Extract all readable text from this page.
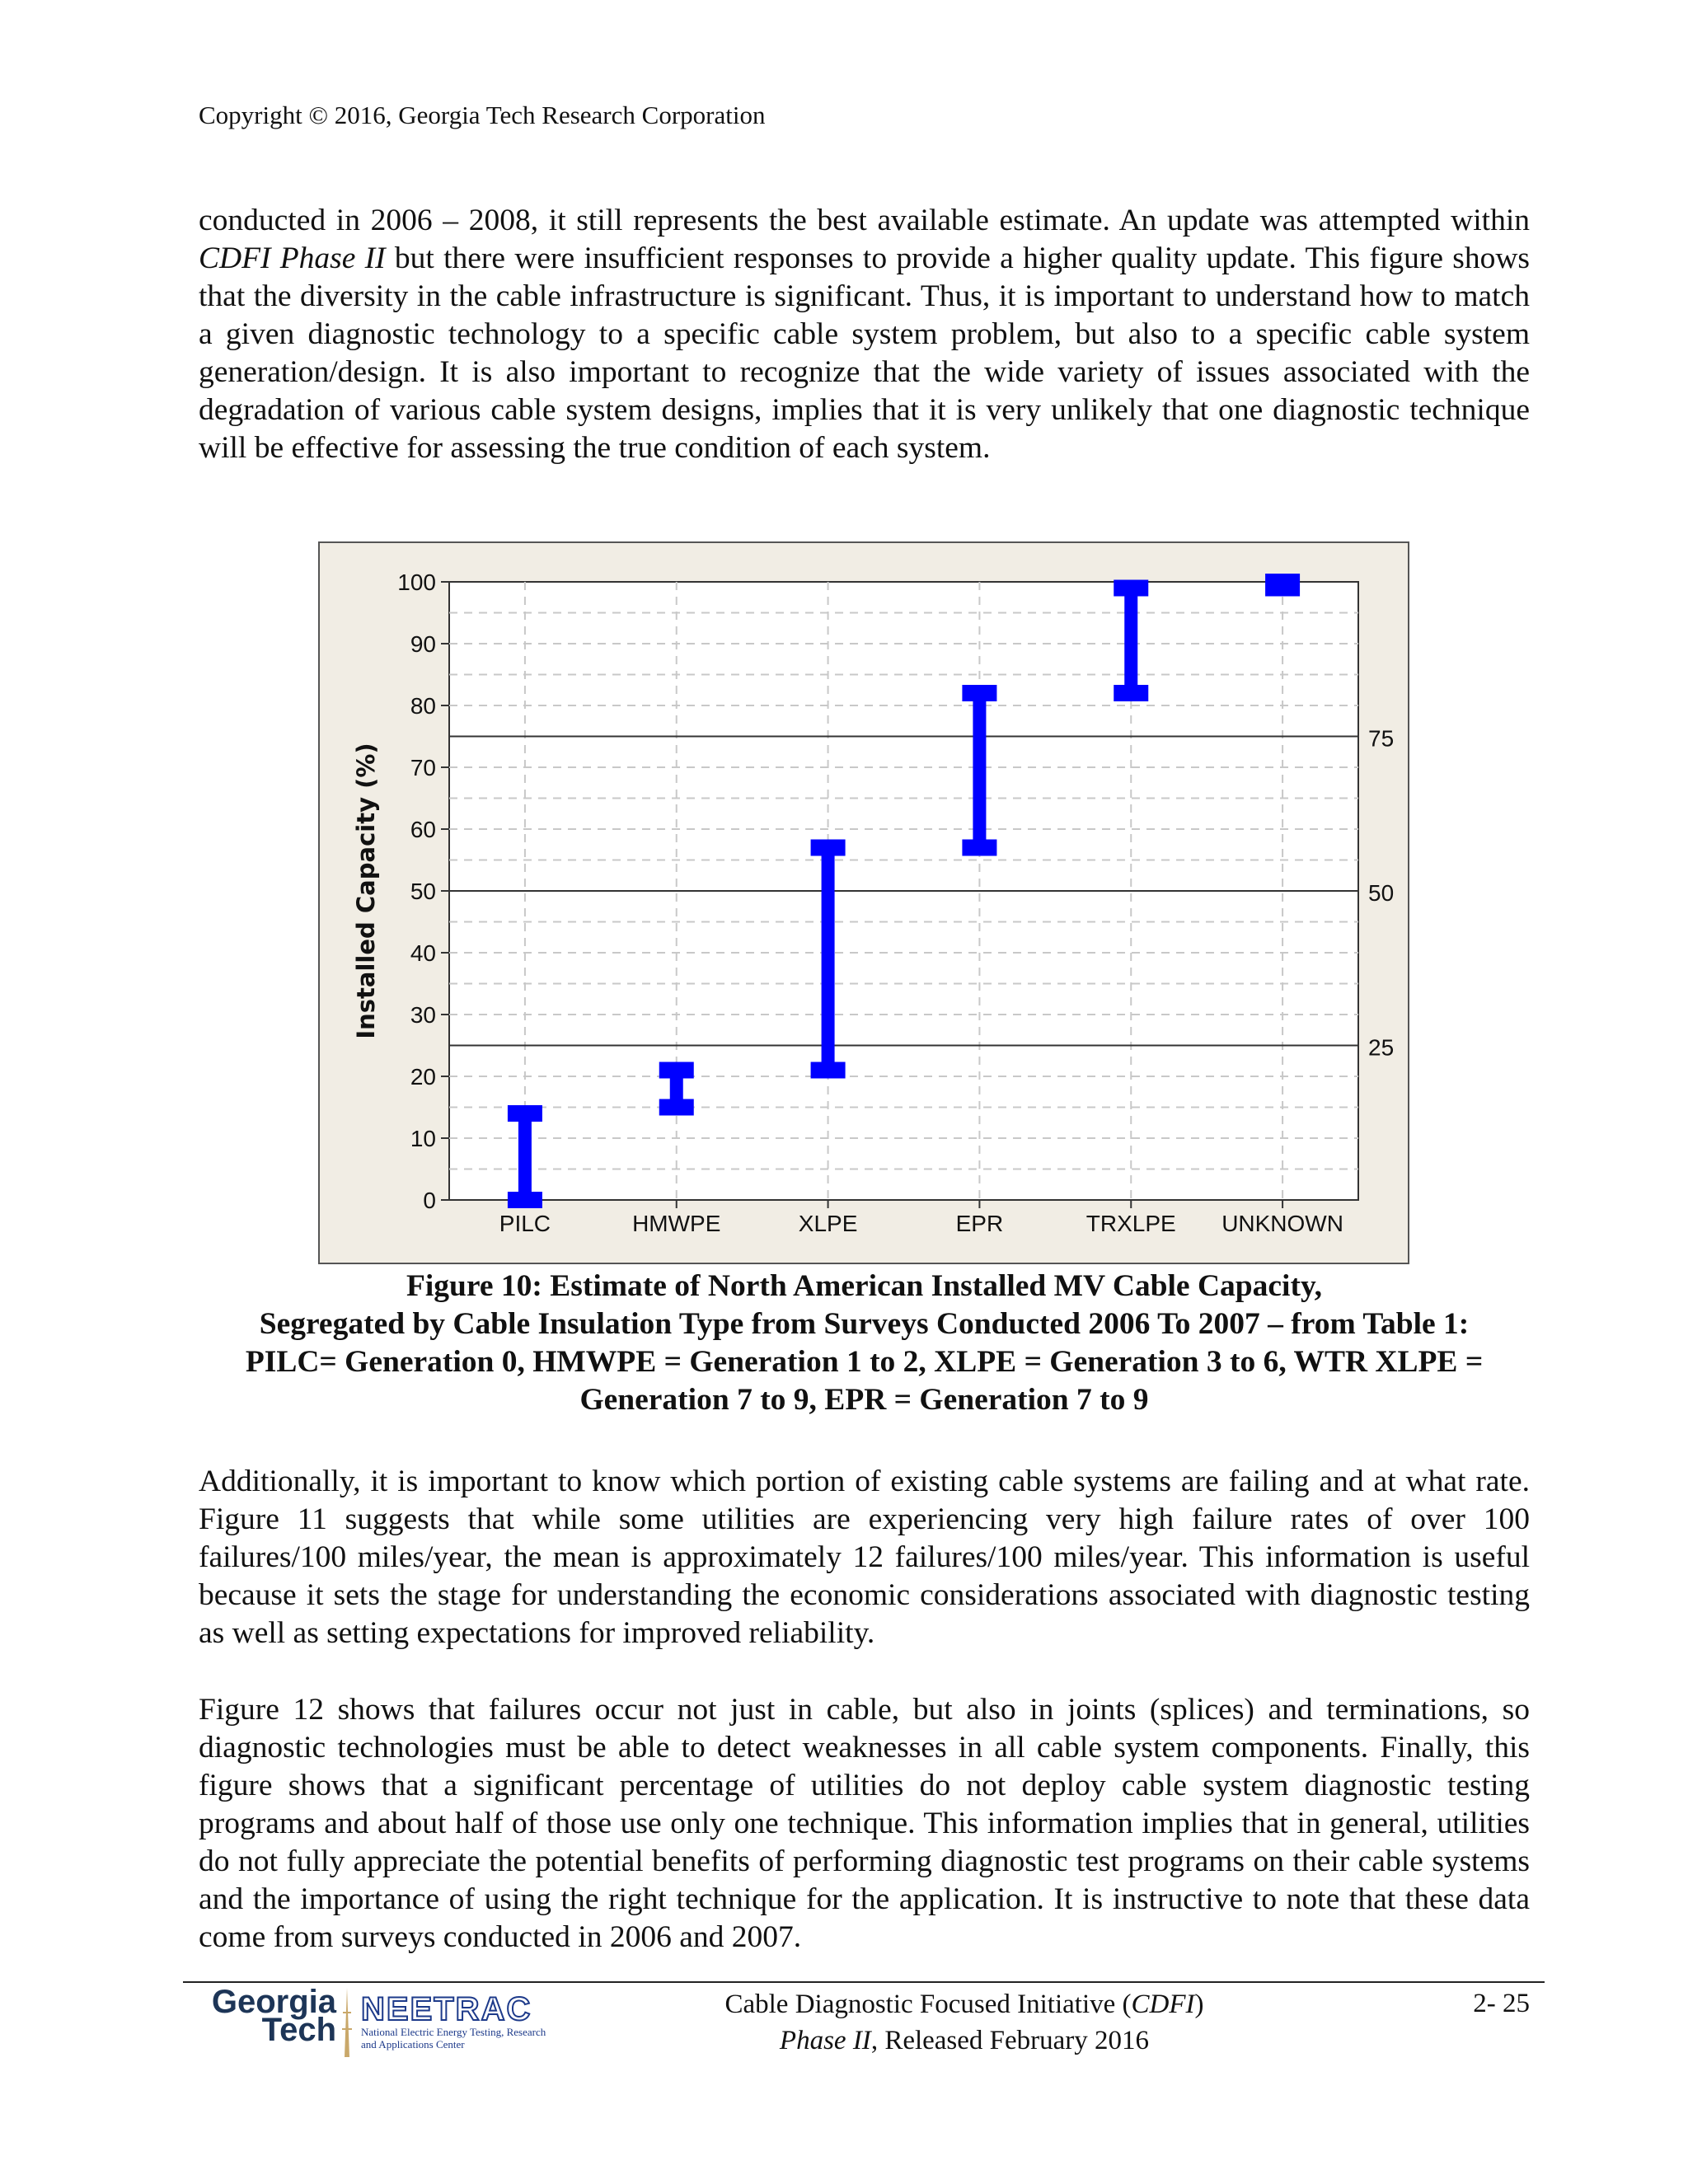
Copyright © 2016, Georgia Tech Research Corporation

conducted in 2006 – 2008, it still represents the best available estimate. An update was attempted within CDFI Phase II but there were insufficient responses to provide a higher quality update. This figure shows that the diversity in the cable infrastructure is significant. Thus, it is important to understand how to match a given diagnostic technology to a specific cable system problem, but also to a specific cable system generation/design. It is also important to recognize that the wide variety of issues associated with the degradation of various cable system designs, implies that it is very unlikely that one diagnostic technique will be effective for assessing the true condition of each system.

25
50
75
0
10
20
30
40
50
60
70
80
90
100
PILC	HMWPE	XLPE	EPR	TRXLPE UNKNOWN
Installed Capacity (%)
Figure 10: Estimate of North American Installed MV Cable Capacity,
Segregated by Cable Insulation Type from Surveys Conducted 2006 To 2007 – from Table 1:
PILC= Generation 0, HMWPE = Generation 1 to 2, XLPE = Generation 3 to 6, WTR XLPE =
Generation 7 to 9, EPR = Generation 7 to 9

Additionally, it is important to know which portion of existing cable systems are failing and at what rate. Figure 11 suggests that while some utilities are experiencing very high failure rates of over 100 failures/100 miles/year, the mean is approximately 12 failures/100 miles/year. This information is useful because it sets the stage for understanding the economic considerations associated with diagnostic testing as well as setting expectations for improved reliability.

Figure 12 shows that failures occur not just in cable, but also in joints (splices) and terminations, so diagnostic technologies must be able to detect weaknesses in all cable system components. Finally, this figure shows that a significant percentage of utilities do not deploy cable system diagnostic testing programs and about half of those use only one technique. This information implies that in general, utilities do not fully appreciate the potential benefits of performing diagnostic test programs on their cable systems and the importance of using the right technique for the application. It is instructive to note that these data come from surveys conducted in 2006 and 2007.

Georgia
Tech
NEETRAC
National Electric Energy Testing, Research
and Applications Center
Cable Diagnostic Focused Initiative (CDFI)
Phase II, Released February 2016
2- 25
